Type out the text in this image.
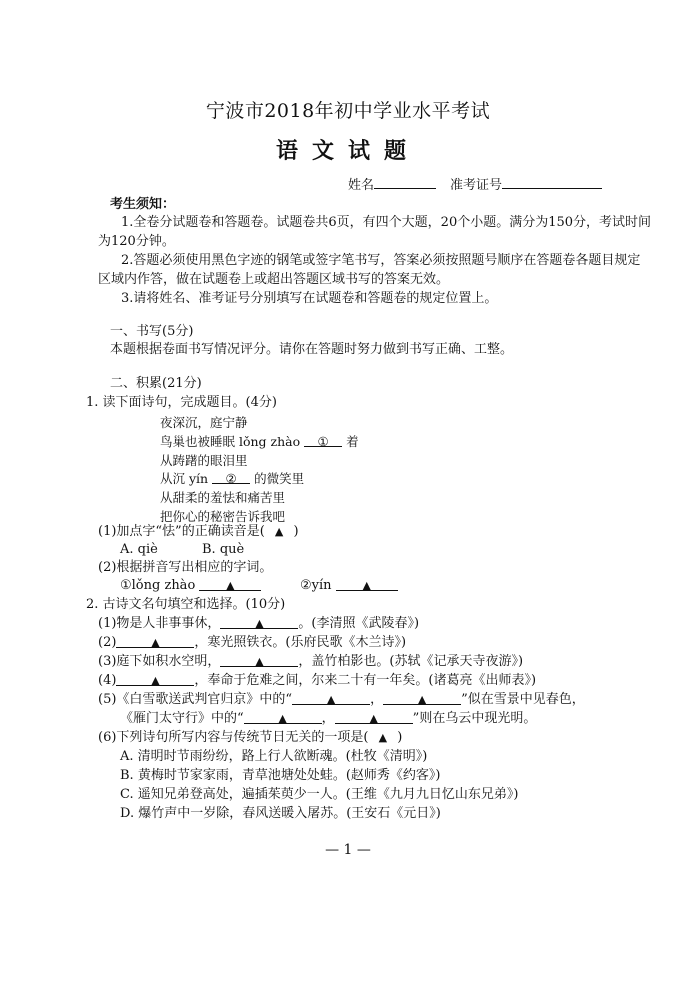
宁波市2018年初中学业水平考试
语文试题
姓名	准考证号
考生须知：
1.全卷分试题卷和答题卷。试题卷共6页，有四个大题，20个小题。满分为150分，考试时间
为120分钟。
2.答题必须使用黑色字迹的钢笔或签字笔书写，答案必须按照题号顺序在答题卷各题目规定
区域内作答，做在试题卷上或超出答题区域书写的答案无效。
3.请将姓名、准考证号分别填写在试题卷和答题卷的规定位置上。
一、书写(5分)
本题根据卷面书写情况评分。请你在答题时努力做到书写正确、工整。
二、积累(21分)
1. 读下面诗句，完成题目。(4分)
夜深沉，庭宁静
鸟巢也被睡眠 lǒng zhào ① 着
从踌躇的眼泪里
从沉 yín ② 的微笑里
从甜柔的羞怯和痛苦里
把你心的秘密告诉我吧
(1)加点字“怯”的正确读音是( ▲ )
A. qiè	B. què
(2)根据拼音写出相应的字词。
①lǒng zhào	▲	②yín	▲
2. 古诗文名句填空和选择。(10分)
(1)物是人非事事休，	▲	。(李清照《武陵春》)
(2)	▲	，寒光照铁衣。(乐府民歌《木兰诗》)
(3)庭下如积水空明，	▲	，盖竹柏影也。(苏轼《记承天寺夜游》)
(4)	▲	，奉命于危难之间，尔来二十有一年矣。(诸葛亮《出师表》)
(5)《白雪歌送武判官归京》中的“	▲	，	▲	”似在雪景中见春色，
《雁门太守行》中的“	▲	，	▲	”则在乌云中现光明。
(6)下列诗句所写内容与传统节日无关的一项是( ▲ )
A. 清明时节雨纷纷，路上行人欲断魂。(杜牧《清明》)
B. 黄梅时节家家雨，青草池塘处处蛙。(赵师秀《约客》)
C. 遥知兄弟登高处，遍插茱萸少一人。(王维《九月九日忆山东兄弟》)
D. 爆竹声中一岁除，春风送暖入屠苏。(王安石《元日》)
— 1 —
